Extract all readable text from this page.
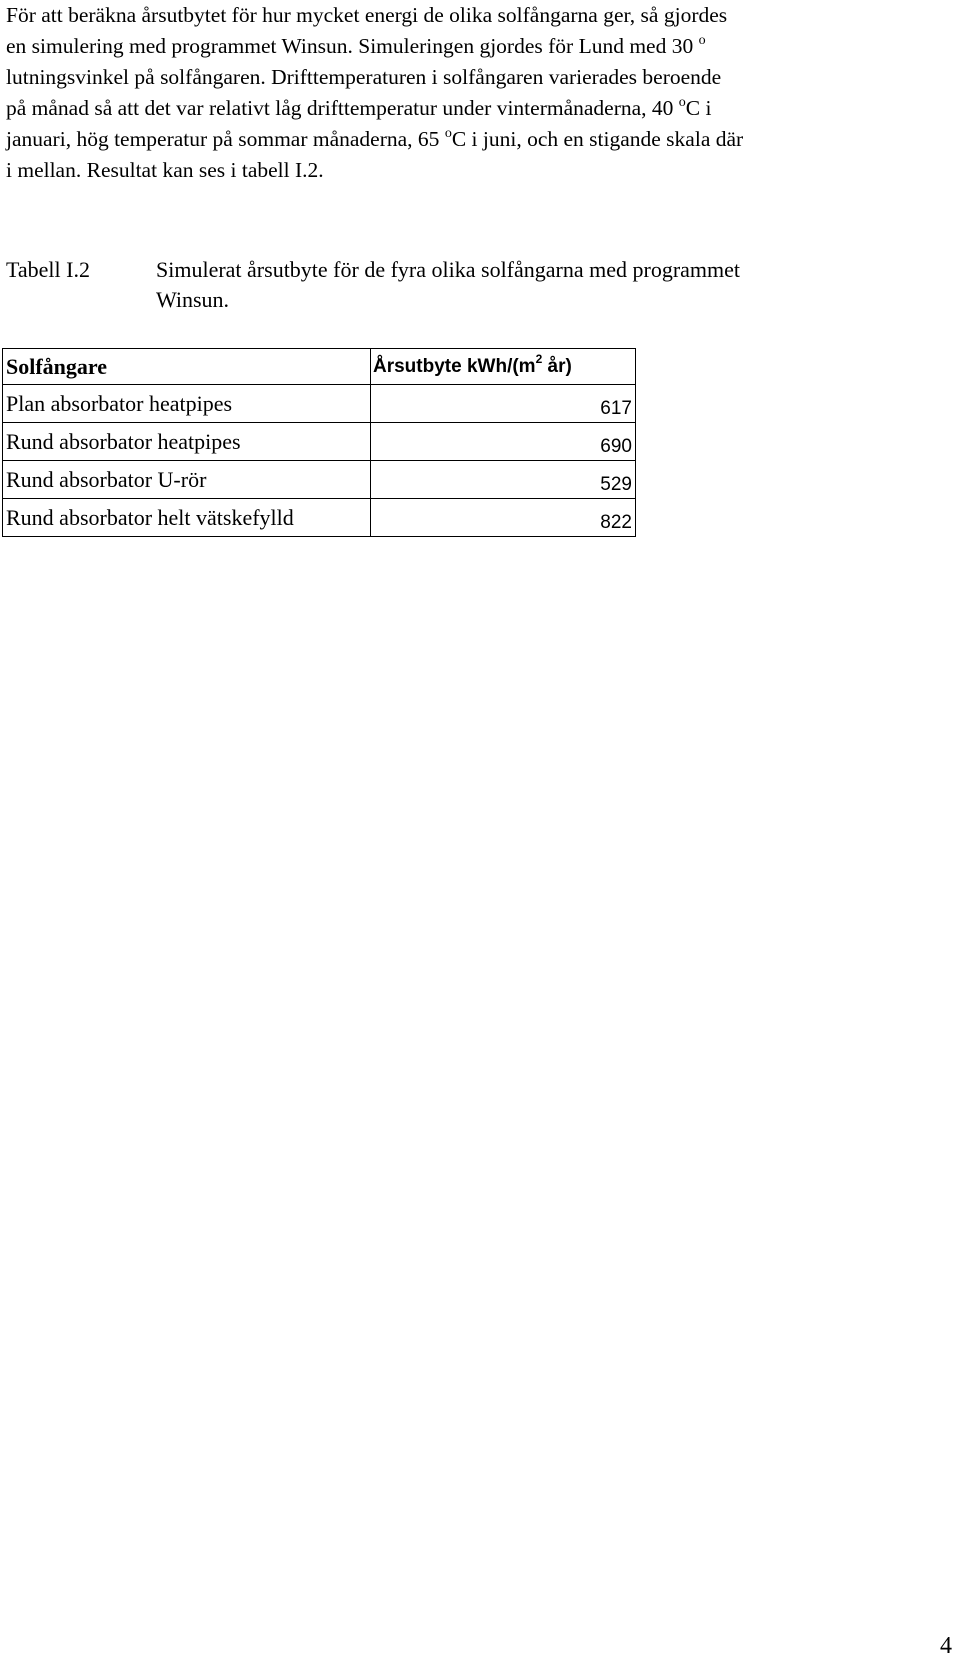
För att beräkna årsutbytet för hur mycket energi de olika solfångarna ger, så gjordes
en simulering med programmet Winsun. Simuleringen gjordes för Lund med 30 $^o$
lutningsvinkel på solfångaren. Drifttemperaturen i solfångaren varierades beroende
på månad så att det var relativt låg drifttemperatur under vintermånaderna, 40 $^o$C i
januari, hög temperatur på sommar månaderna, 65 $^o$C i juni, och en stigande skala där
i mellan. Resultat kan ses i tabell I.2.
Tabell I.2	Simulerat årsutbyte för de fyra olika solfångarna med programmet
Winsun.
Solfångare	Årsutbyte kWh/($m^2$ år)
Plan absorbator heatpipes	617
Rund absorbator heatpipes	690
Rund absorbator U-rör	529
Rund absorbator helt vätskefylld	822
4
